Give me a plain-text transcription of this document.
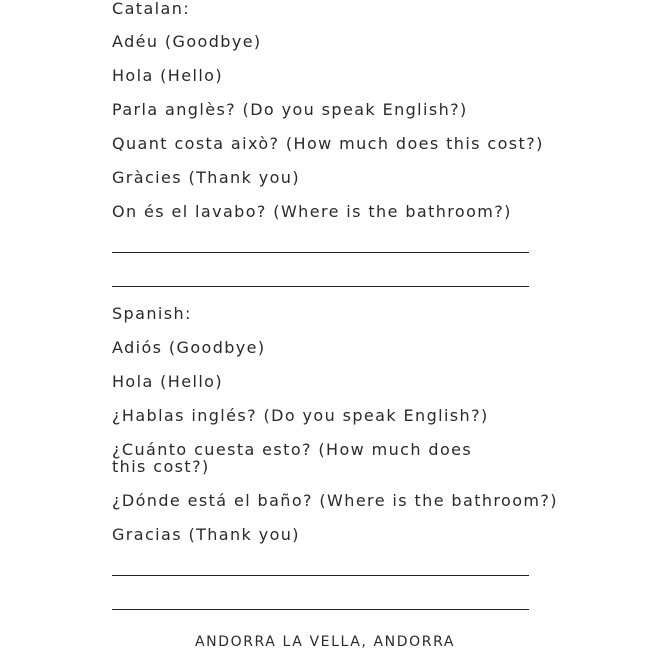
Catalan:
Adéu (Goodbye)
Hola (Hello)
Parla anglès? (Do you speak English?)
Quant costa això? (How much does this cost?)
Gràcies (Thank you)
On és el lavabo? (Where is the bathroom?)
Spanish:
Adiós (Goodbye)
Hola (Hello)
¿Hablas inglés? (Do you speak English?)
¿Cuánto cuesta esto? (How much does this cost?)
¿Dónde está el baño? (Where is the bathroom?)
Gracias (Thank you)
ANDORRA LA VELLA, ANDORRA
